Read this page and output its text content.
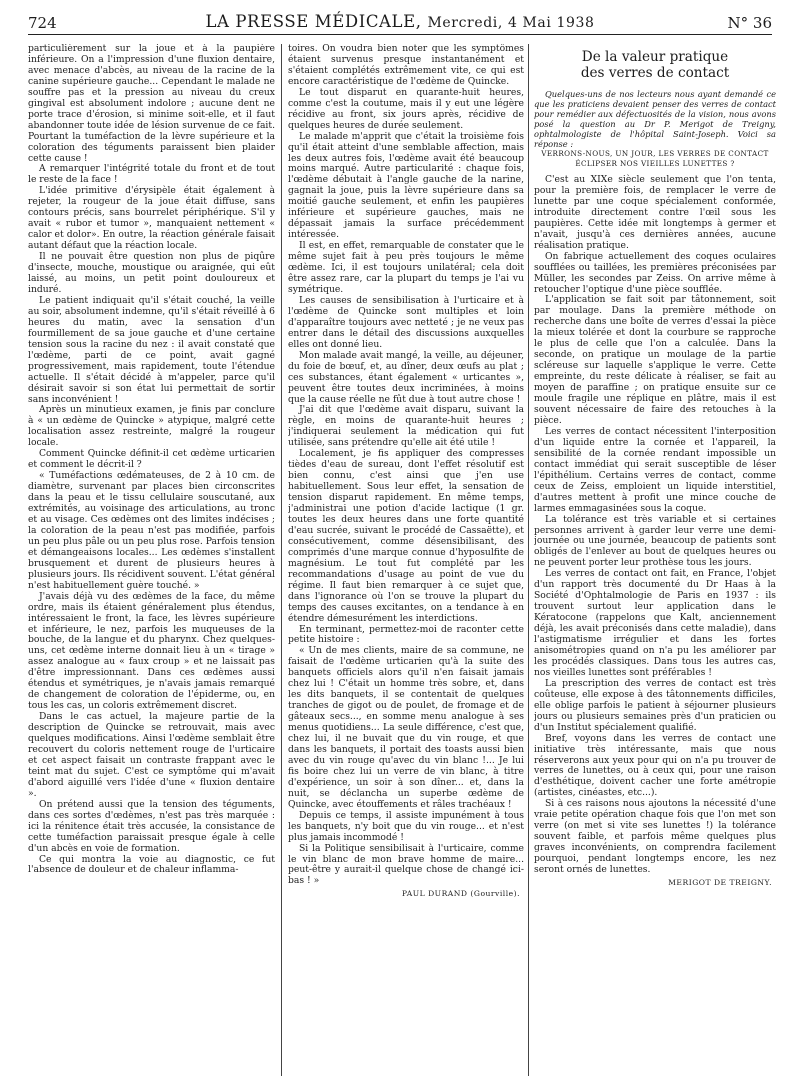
724	LA PRESSE MÉDICALE, Mercredi, 4 Mai 1938	N° 36

particulièrement sur la joue et à la paupière inférieure. On a l'impression d'une fluxion dentaire, avec menace d'abcès, au niveau de la racine de la canine supérieure gauche... Cependant le malade ne souffre pas et la pression au niveau du creux gingival est absolument indolore ; aucune dent ne porte trace d'érosion, si minime soit-elle, et il faut abandonner toute idée de lésion survenue de ce fait. Pourtant la tuméfaction de la lèvre supérieure et la coloration des téguments paraissent bien plaider cette cause !

A remarquer l'intégrité totale du front et de tout le reste de la face !

L'idée primitive d'érysipèle était également à rejeter, la rougeur de la joue était diffuse, sans contours précis, sans bourrelet périphérique. S'il y avait « rubor et tumor », manquaient nettement « calor et dolor». En outre, la réaction générale faisait autant défaut que la réaction locale.

Il ne pouvait être question non plus de piqûre d'insecte, mouche, moustique ou araignée, qui eût laissé, au moins, un petit point douloureux et induré.

Le patient indiquait qu'il s'était couché, la veille au soir, absolument indemne, qu'il s'était réveillé à 6 heures du matin, avec la sensation d'un fourmillement de sa joue gauche et d'une certaine tension sous la racine du nez : il avait constaté que l'œdème, parti de ce point, avait gagné progressivement, mais rapidement, toute l'étendue actuelle. Il s'était décidé à m'appeler, parce qu'il désirait savoir si son état lui permettait de sortir sans inconvénient !

Après un minutieux examen, je finis par conclure à « un œdème de Quincke » atypique, malgré cette localisation assez restreinte, malgré la rougeur locale.

Comment Quincke définit-il cet œdème urticarien et comment le décrit-il ?

« Tuméfactions œdémateuses, de 2 à 10 cm. de diamètre, survenant par places bien circonscrites dans la peau et le tissu cellulaire souscutané, aux extrémités, au voisinage des articulations, au tronc et au visage. Ces œdèmes ont des limites indécises ; la coloration de la peau n'est pas modifiée, parfois un peu plus pâle ou un peu plus rose. Parfois tension et démangeaisons locales... Les œdèmes s'installent brusquement et durent de plusieurs heures à plusieurs jours. Ils récidivent souvent. L'état général n'est habituellement guère touché. »

J'avais déjà vu des œdèmes de la face, du même ordre, mais ils étaient généralement plus étendus, intéressaient le front, la face, les lèvres supérieure et inférieure, le nez, parfois les muqueuses de la bouche, de la langue et du pharynx. Chez quelques-uns, cet œdème interne donnait lieu à un « tirage » assez analogue au « faux croup » et ne laissait pas d'être impressionnant. Dans ces œdèmes aussi étendus et symétriques, je n'avais jamais remarqué de changement de coloration de l'épiderme, ou, en tous les cas, un coloris extrêmement discret.

Dans le cas actuel, la majeure partie de la description de Quincke se retrouvait, mais avec quelques modifications. Ainsi l'œdème semblait être recouvert du coloris nettement rouge de l'urticaire et cet aspect faisait un contraste frappant avec le teint mat du sujet. C'est ce symptôme qui m'avait d'abord aiguillé vers l'idée d'une « fluxion dentaire ».

On prétend aussi que la tension des téguments, dans ces sortes d'œdèmes, n'est pas très marquée : ici la rénitence était très accusée, la consistance de cette tuméfaction paraissait presque égale à celle d'un abcès en voie de formation.

Ce qui montra la voie au diagnostic, ce fut l'absence de douleur et de chaleur inflamma-

toires. On voudra bien noter que les symptômes étaient survenus presque instantanément et s'étaient complétés extrêmement vite, ce qui est encore caractéristique de l'œdème de Quincke.

Le tout disparut en quarante-huit heures, comme c'est la coutume, mais il y eut une légère récidive au front, six jours après, récidive de quelques heures de durée seulement.

Le malade m'apprit que c'était la troisième fois qu'il était atteint d'une semblable affection, mais les deux autres fois, l'œdème avait été beaucoup moins marqué. Autre particularité : chaque fois, l'œdème débutait à l'angle gauche de la narine, gagnait la joue, puis la lèvre supérieure dans sa moitié gauche seulement, et enfin les paupières inférieure et supérieure gauches, mais ne dépassait jamais la surface précédemment intéressée.

Il est, en effet, remarquable de constater que le même sujet fait à peu près toujours le même œdème. Ici, il est toujours unilatéral; cela doit être assez rare, car la plupart du temps je l'ai vu symétrique.

Les causes de sensibilisation à l'urticaire et à l'œdème de Quincke sont multiples et loin d'apparaître toujours avec netteté ; je ne veux pas entrer dans le détail des discussions auxquelles elles ont donné lieu.

Mon malade avait mangé, la veille, au déjeuner, du foie de bœuf, et, au dîner, deux œufs au plat ; ces substances, étant également « urticantes », peuvent être toutes deux incriminées, à moins que la cause réelle ne fût due à tout autre chose !

J'ai dit que l'œdème avait disparu, suivant la règle, en moins de quarante-huit heures ; j'indiquerai seulement la médication qui fut utilisée, sans prétendre qu'elle ait été utile !

Localement, je fis appliquer des compresses tièdes d'eau de sureau, dont l'effet résolutif est bien connu, c'est ainsi que j'en use habituellement. Sous leur effet, la sensation de tension disparut rapidement. En même temps, j'administrai une potion d'acide lactique (1 gr. toutes les deux heures dans une forte quantité d'eau sucrée, suivant le procédé de Cassaëtte), et consécutivement, comme désensibilisant, des comprimés d'une marque connue d'hyposulfite de magnésium. Le tout fut complété par les recommandations d'usage au point de vue du régime. Il faut bien remarquer à ce sujet que, dans l'ignorance où l'on se trouve la plupart du temps des causes excitantes, on a tendance à en étendre démesurément les interdictions.

En terminant, permettez-moi de raconter cette petite histoire :

« Un de mes clients, maire de sa commune, ne faisait de l'œdème urticarien qu'à la suite des banquets officiels alors qu'il n'en faisait jamais chez lui ! C'était un homme très sobre, et, dans les dits banquets, il se contentait de quelques tranches de gigot ou de poulet, de fromage et de gâteaux secs..., en somme menu analogue à ses menus quotidiens... La seule différence, c'est que, chez lui, il ne buvait que du vin rouge, et que dans les banquets, il portait des toasts aussi bien avec du vin rouge qu'avec du vin blanc !... Je lui fis boire chez lui un verre de vin blanc, à titre d'expérience, un soir à son dîner... et, dans la nuit, se déclancha un superbe œdème de Quincke, avec étouffements et râles trachéaux !

Depuis ce temps, il assiste impunément à tous les banquets, n'y boit que du vin rouge... et n'est plus jamais incommodé !

Si la Politique sensibilisait à l'urticaire, comme le vin blanc de mon brave homme de maire... peut-être y aurait-il quelque chose de changé ici-bas ! »

PAUL DURAND (Gourville).
De la valeur pratique
des verres de contact

Quelques-uns de nos lecteurs nous ayant demandé ce que les praticiens devaient penser des verres de contact pour remédier aux défectuosités de la vision, nous avons posé la question au Dr P. Merigot de Treigny, ophtalmologiste de l'hôpital Saint-Joseph. Voici sa réponse :

VERRONS-NOUS, UN JOUR, LES VERRES DE CONTACT ÉCLIPSER NOS VIEILLES LUNETTES ?

C'est au XIXe siècle seulement que l'on tenta, pour la première fois, de remplacer le verre de lunette par une coque spécialement conformée, introduite directement contre l'œil sous les paupières. Cette idée mit longtemps à germer et n'avait, jusqu'à ces dernières années, aucune réalisation pratique.

On fabrique actuellement des coques oculaires soufflées ou taillées, les premières préconisées par Müller, les secondes par Zeiss. On arrive même à retoucher l'optique d'une pièce soufflée.

L'application se fait soit par tâtonnement, soit par moulage. Dans la première méthode on recherche dans une boîte de verres d'essai la pièce la mieux tolérée et dont la courbure se rapproche le plus de celle que l'on a calculée. Dans la seconde, on pratique un moulage de la partie scléreuse sur laquelle s'applique le verre. Cette empreinte, du reste délicate à réaliser, se fait au moyen de paraffine ; on pratique ensuite sur ce moule fragile une réplique en plâtre, mais il est souvent nécessaire de faire des retouches à la pièce.

Les verres de contact nécessitent l'interposition d'un liquide entre la cornée et l'appareil, la sensibilité de la cornée rendant impossible un contact immédiat qui serait susceptible de léser l'épithélium. Certains verres de contact, comme ceux de Zeiss, emploient un liquide interstitiel, d'autres mettent à profit une mince couche de larmes emmagasinées sous la coque.

La tolérance est très variable et si certaines personnes arrivent à garder leur verre une demi-journée ou une journée, beaucoup de patients sont obligés de l'enlever au bout de quelques heures ou ne peuvent porter leur prothèse tous les jours.

Les verres de contact ont fait, en France, l'objet d'un rapport très documenté du Dr Haas à la Société d'Ophtalmologie de Paris en 1937 : ils trouvent surtout leur application dans le Kératocone (rappelons que Kalt, anciennement déjà, les avait préconisés dans cette maladie), dans l'astigmatisme irrégulier et dans les fortes anisométropies quand on n'a pu les améliorer par les procédés classiques. Dans tous les autres cas, nos vieilles lunettes sont préférables !

La prescription des verres de contact est très coûteuse, elle expose à des tâtonnements difficiles, elle oblige parfois le patient à séjourner plusieurs jours ou plusieurs semaines près d'un praticien ou d'un Institut spécialement qualifié.

Bref, voyons dans les verres de contact une initiative très intéressante, mais que nous réserverons aux yeux pour qui on n'a pu trouver de verres de lunettes, ou à ceux qui, pour une raison d'esthétique, doivent cacher une forte amétropie (artistes, cinéastes, etc...).

Si à ces raisons nous ajoutons la nécessité d'une vraie petite opération chaque fois que l'on met son verre (on met si vite ses lunettes !) la tolérance souvent faible, et parfois même quelques plus graves inconvénients, on comprendra facilement pourquoi, pendant longtemps encore, les nez seront ornés de lunettes.

MERIGOT DE TREIGNY.
